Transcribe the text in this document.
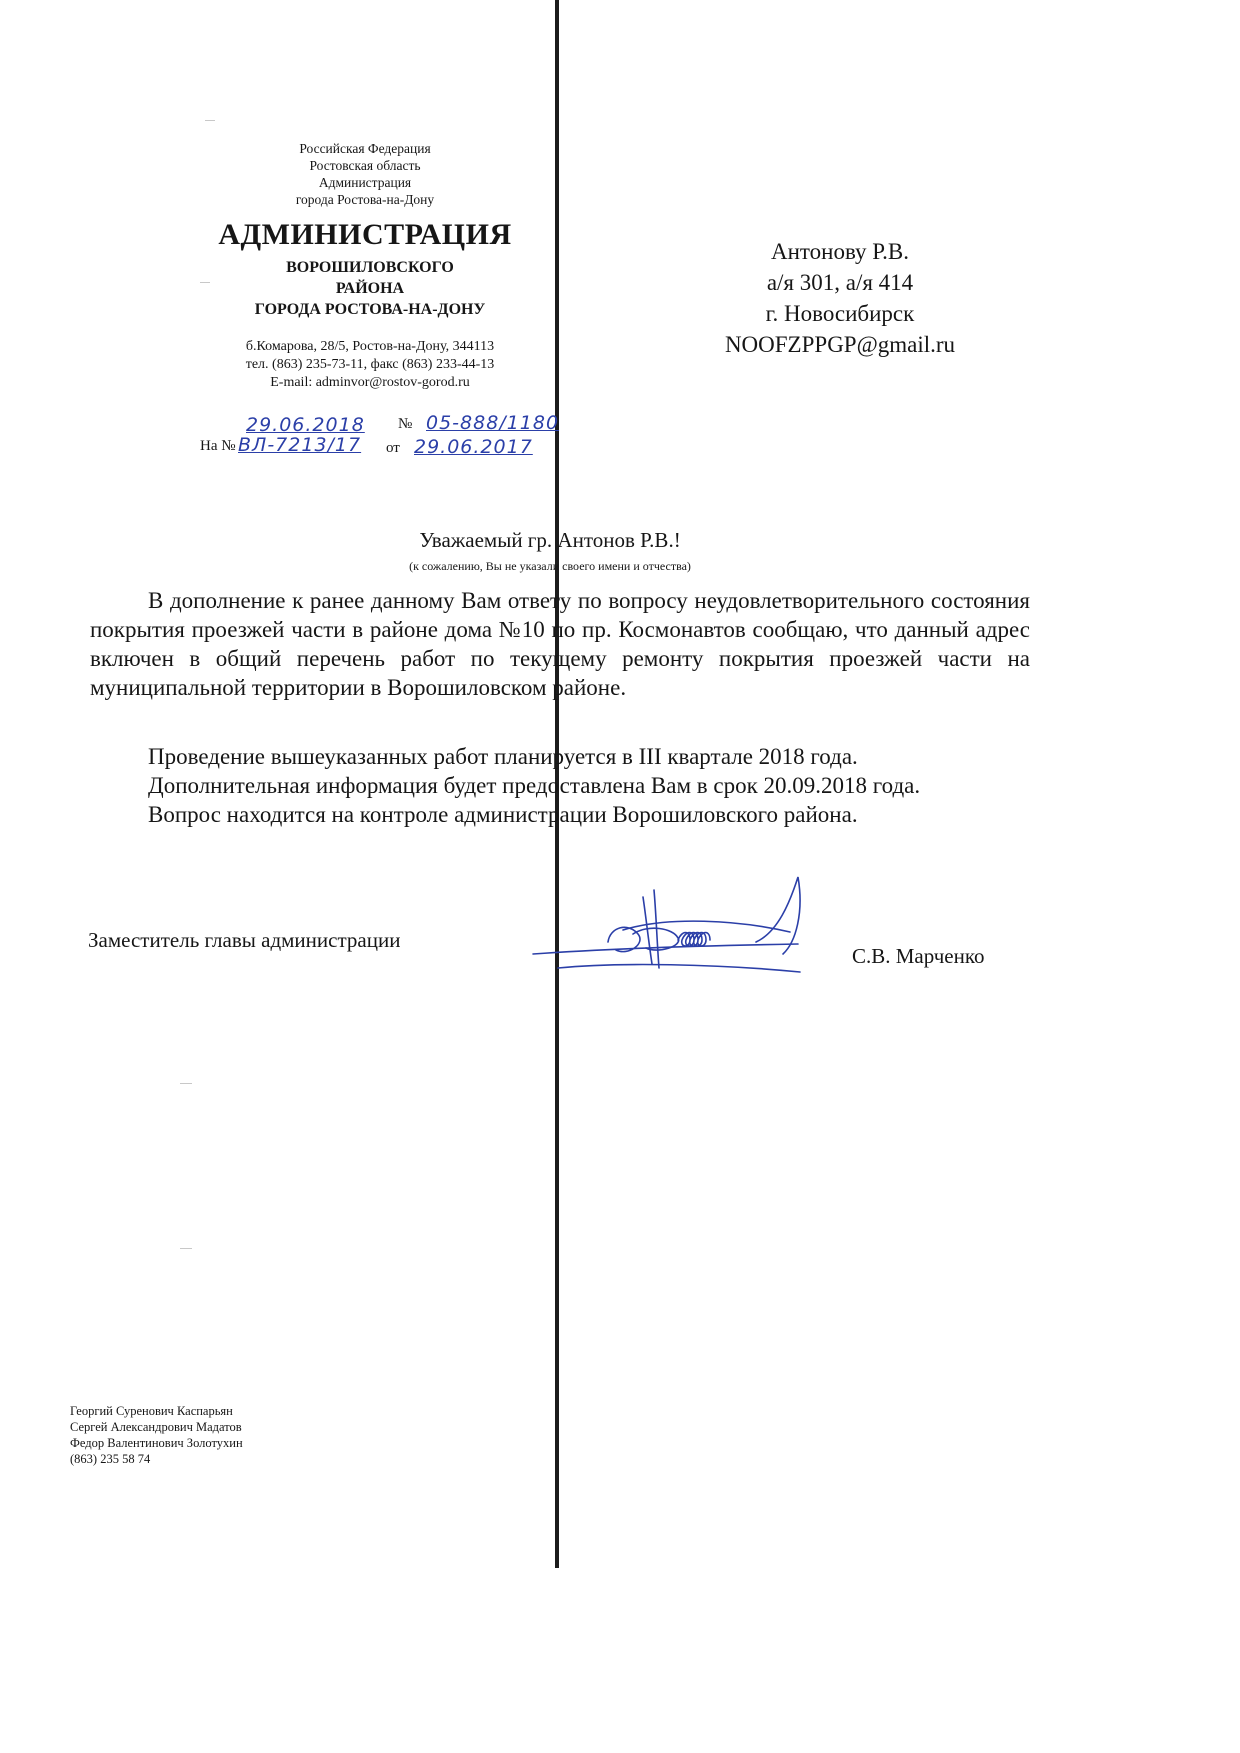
Российская Федерация
Ростовская область
Администрация
города Ростова-на-Дону
АДМИНИСТРАЦИЯ
ВОРОШИЛОВСКОГО
РАЙОНА
ГОРОДА РОСТОВА-НА-ДОНУ
б.Комарова, 28/5, Ростов-на-Дону, 344113
тел. (863) 235-73-11, факс (863) 233-44-13
E-mail: adminvor@rostov-gorod.ru
29.06.2018 № 05-888/1180
На № ВЛ-7213/17 от 29.06.2017
Антонову Р.В.
а/я 301, а/я 414
г. Новосибирск
NOOFZPPGP@gmail.ru
Уважаемый гр. Антонов Р.В.!
(к сожалению, Вы не указали своего имени и отчества)
В дополнение к ранее данному Вам ответу по вопросу неудовлетворительного состояния покрытия проезжей части в районе дома №10 по пр. Космонавтов сообщаю, что данный адрес включен в общий перечень работ по текущему ремонту покрытия проезжей части на муниципальной территории в Ворошиловском районе.
Проведение вышеуказанных работ планируется в III квартале 2018 года.
Дополнительная информация будет предоставлена Вам в срок 20.09.2018 года.
Вопрос находится на контроле администрации Ворошиловского района.
Заместитель главы администрации
С.В. Марченко
Георгий Суренович Каспарьян
Сергей Александрович Мадатов
Федор Валентинович Золотухин
(863) 235 58 74
